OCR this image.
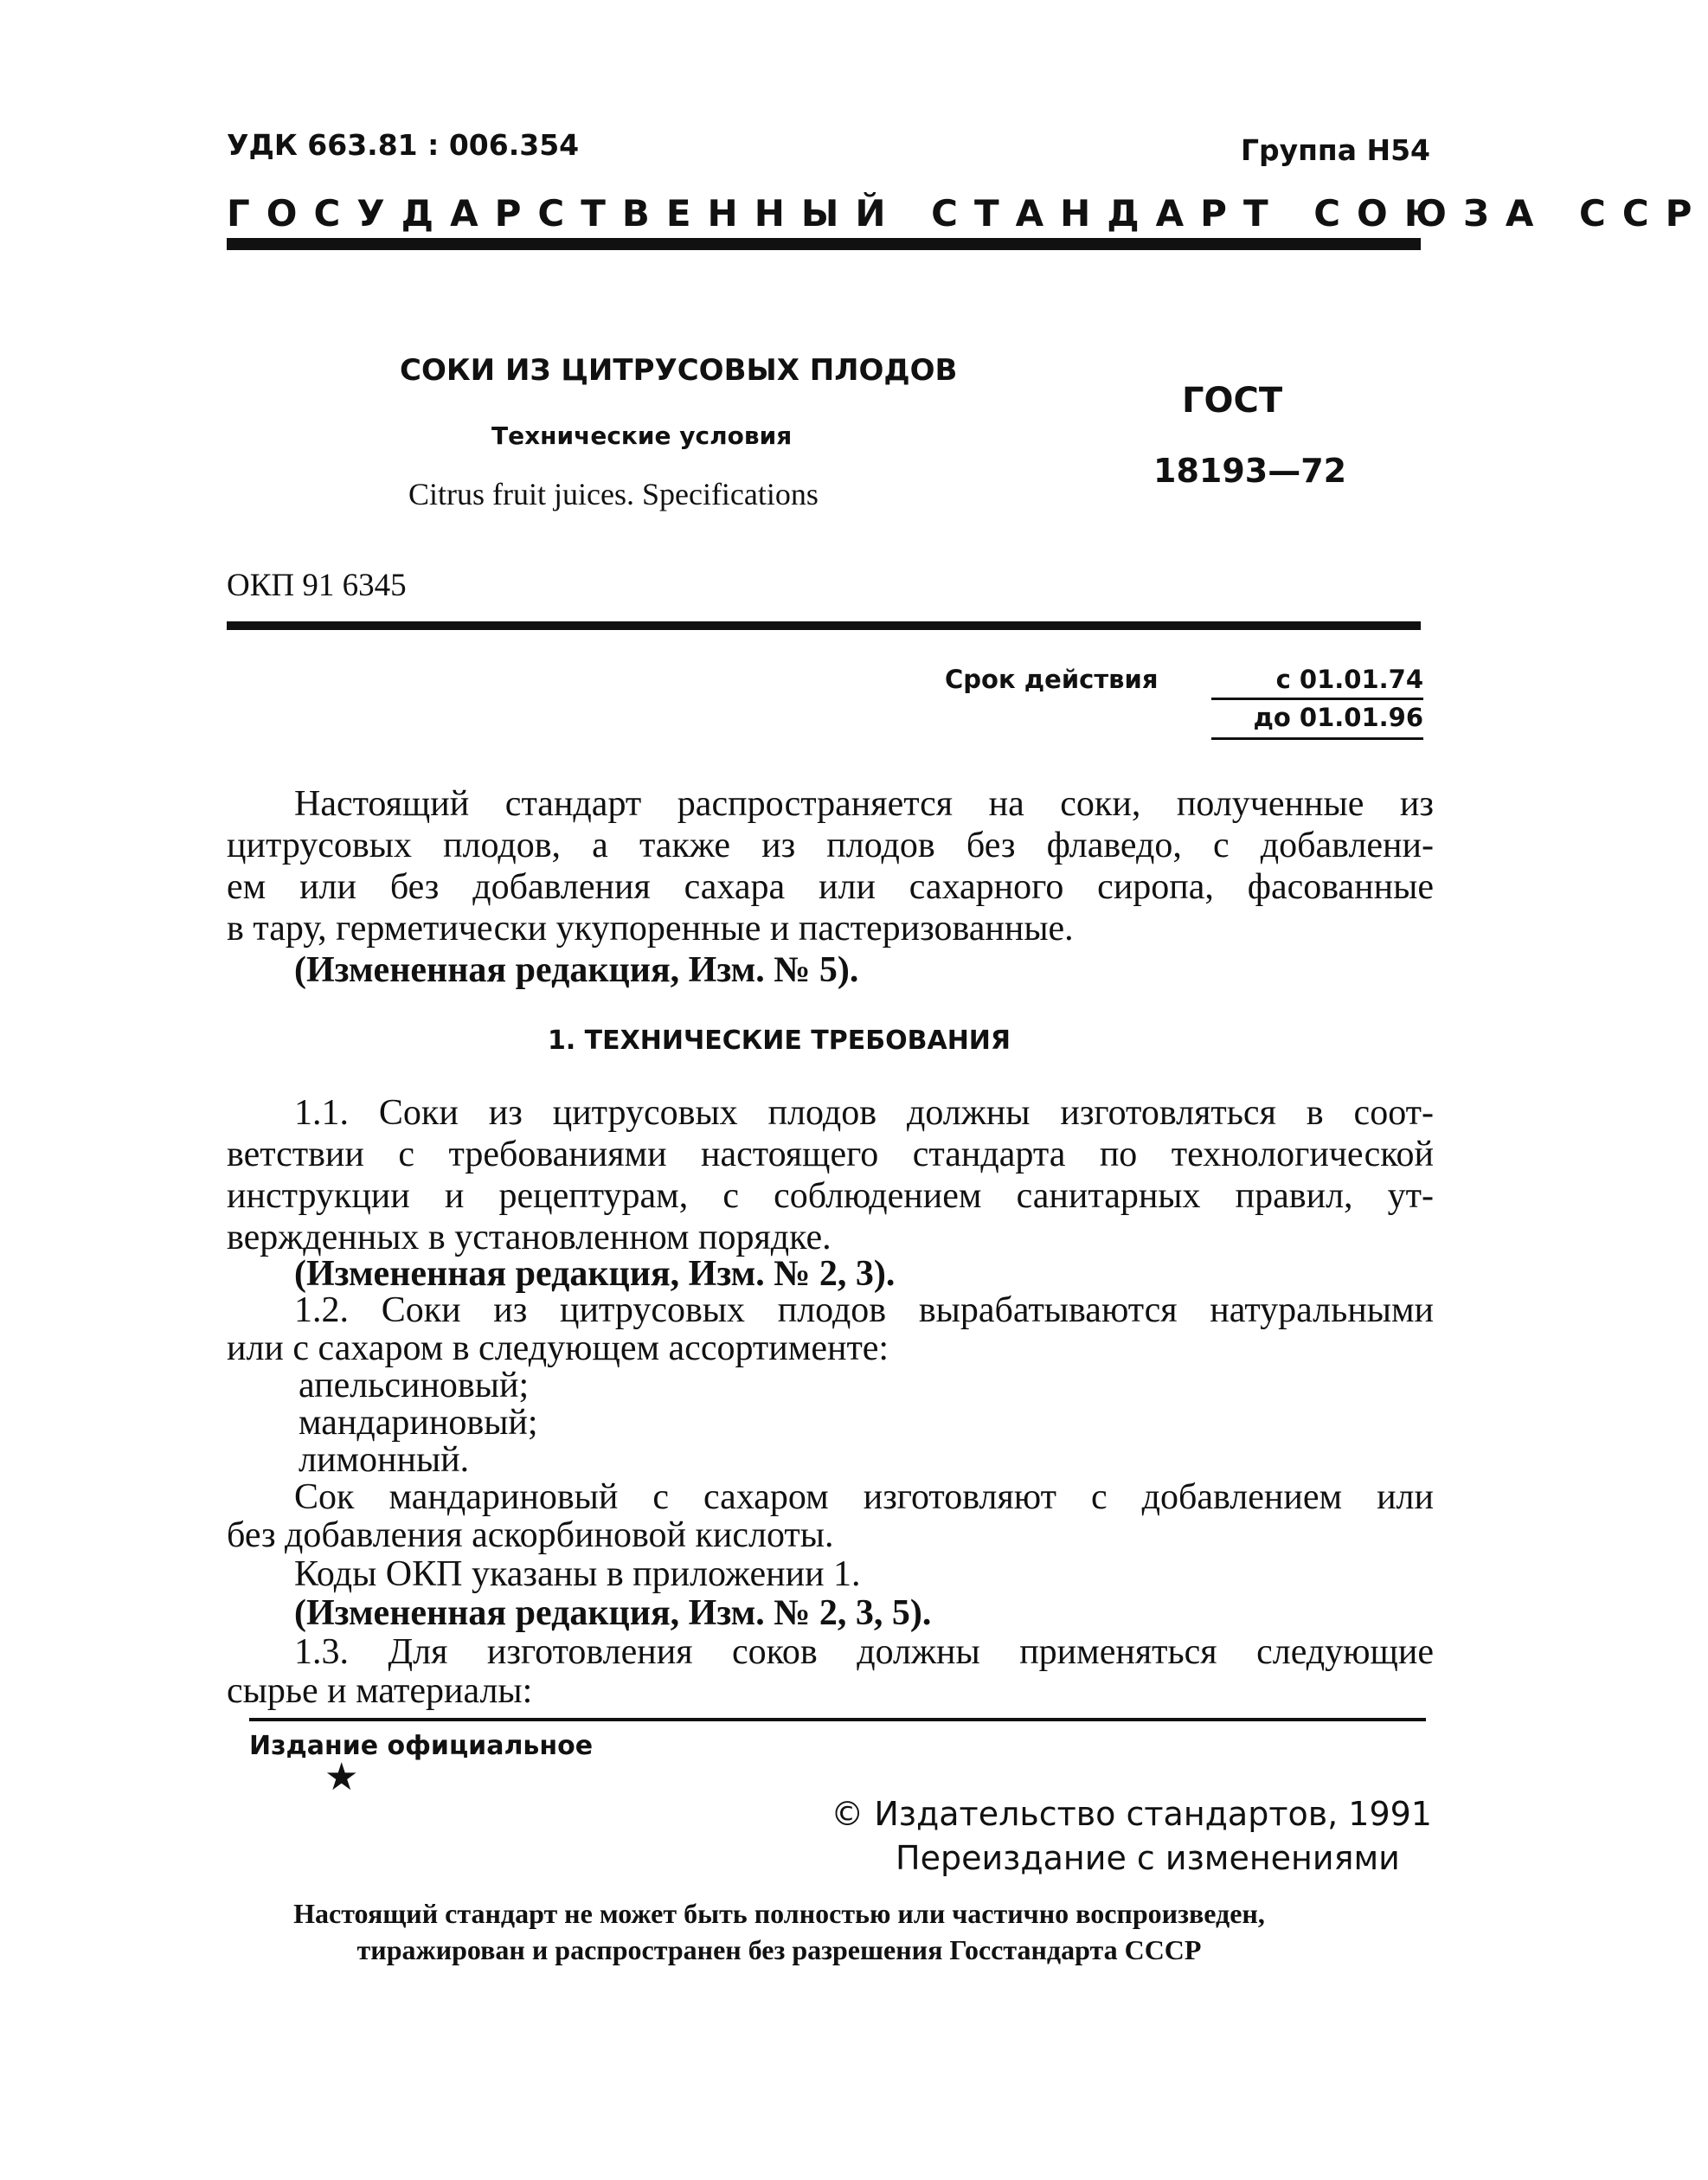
УДК 663.81 : 006.354	Группа Н54
ГОСУДАРСТВЕННЫЙ СТАНДАРТ СОЮЗА ССР
СОКИ ИЗ ЦИТРУСОВЫХ ПЛОДОВ
Технические условия
Citrus fruit juices. Specifications
ГОСТ
18193—72
ОКП 91 6345
Срок действия	с 01.01.74
до 01.01.96
Настоящий стандарт распространяется на соки, полученные из
цитрусовых плодов, а также из плодов без флаведо, с добавлени-
ем или без добавления сахара или сахарного сиропа, фасованные
в тару, герметически укупоренные и пастеризованные.
(Измененная редакция, Изм. № 5).
1. ТЕХНИЧЕСКИЕ ТРЕБОВАНИЯ
1.1. Соки из цитрусовых плодов должны изготовляться в соот-
ветствии с требованиями настоящего стандарта по технологической
инструкции и рецептурам, с соблюдением санитарных правил, ут-
вержденных в установленном порядке.
(Измененная редакция, Изм. № 2, 3).
1.2. Соки из цитрусовых плодов вырабатываются натуральными
или с сахаром в следующем ассортименте:
апельсиновый;
мандариновый;
лимонный.
Сок мандариновый с сахаром изготовляют с добавлением или
без добавления аскорбиновой кислоты.
Коды ОКП указаны в приложении 1.
(Измененная редакция, Изм. № 2, 3, 5).
1.3. Для изготовления соков должны применяться следующие
сырье и материалы:
Издание официальное
★
© Издательство стандартов, 1991
Переиздание с изменениями
Настоящий стандарт не может быть полностью или частично воспроизведен,
тиражирован и распространен без разрешения Госстандарта СССР
